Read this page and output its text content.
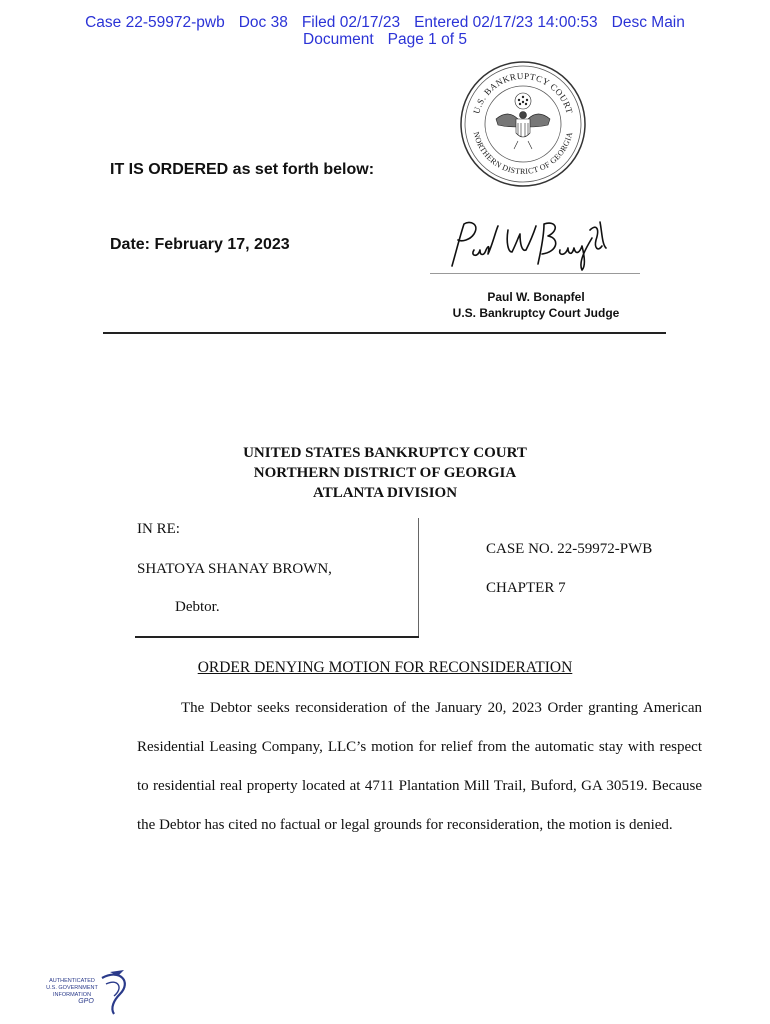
Case 22-59972-pwb Doc 38 Filed 02/17/23 Entered 02/17/23 14:00:53 Desc Main
Document Page 1 of 5
U.S. BANKRUPTCY COURT
NORTHERN DISTRICT OF GEORGIA
IT IS ORDERED as set forth below:
Date: February 17, 2023
Paul W. Bonapfel
U.S. Bankruptcy Court Judge
UNITED STATES BANKRUPTCY COURT
NORTHERN DISTRICT OF GEORGIA
ATLANTA DIVISION
IN RE:
SHATOYA SHANAY BROWN,
Debtor.
CASE NO. 22-59972-PWB
CHAPTER 7
ORDER DENYING MOTION FOR RECONSIDERATION

The Debtor seeks reconsideration of the January 20, 2023 Order granting American Residential Leasing Company, LLC’s motion for relief from the automatic stay with respect to residential real property located at 4711 Plantation Mill Trail, Buford, GA 30519. Because the Debtor has cited no factual or legal grounds for reconsideration, the motion is denied.

AUTHENTICATED
U.S. GOVERNMENT
INFORMATION
GPO
